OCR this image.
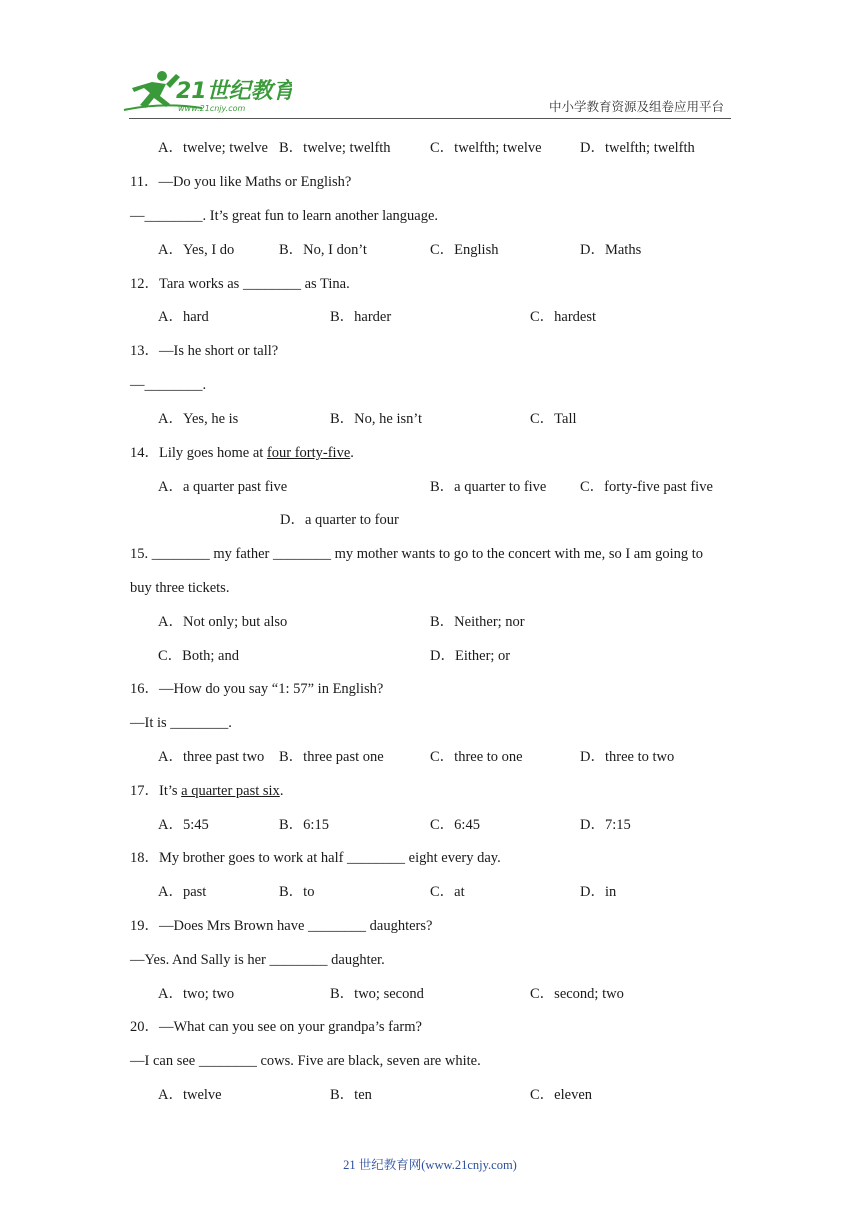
21世纪教育
www.21cnjy.com	中小学教育资源及组卷应用平台
A．twelve; twelve B．twelve; twelfth	C．twelfth; twelve	D．twelfth; twelfth
11．—Do you like Maths or English?
—________. It’s great fun to learn another language.
A．Yes, I do	B．No, I don’t	C．English	D．Maths
12．Tara works as ________ as Tina.
A．hard	B．harder	C．hardest
13．—Is he short or tall?
—________.
A．Yes, he is	B．No, he isn’t	C．Tall
14．Lily goes home at four forty-five.
A．a quarter past five	B．a quarter to five C．forty-five past five
D．a quarter to four
15. ________ my father ________ my mother wants to go to the concert with me, so I am going to
buy three tickets.
A．Not only; but also	B．Neither; nor
C．Both; and	D．Either; or
16．—How do you say “1: 57” in English?
—It is ________.
A．three past two B．three past one	C．three to one	D．three to two
17．It’s a quarter past six.
A．5:45	B．6:15	C．6:45	D．7:15
18．My brother goes to work at half ________ eight every day.
A．past	B．to	C．at	D．in
19．—Does Mrs Brown have ________ daughters?
—Yes. And Sally is her ________ daughter.
A．two; two	B．two; second	C．second; two
20．—What can you see on your grandpa’s farm?
—I can see ________ cows. Five are black, seven are white.
A．twelve	B．ten	C．eleven
21 世纪教育网(www.21cnjy.com)
